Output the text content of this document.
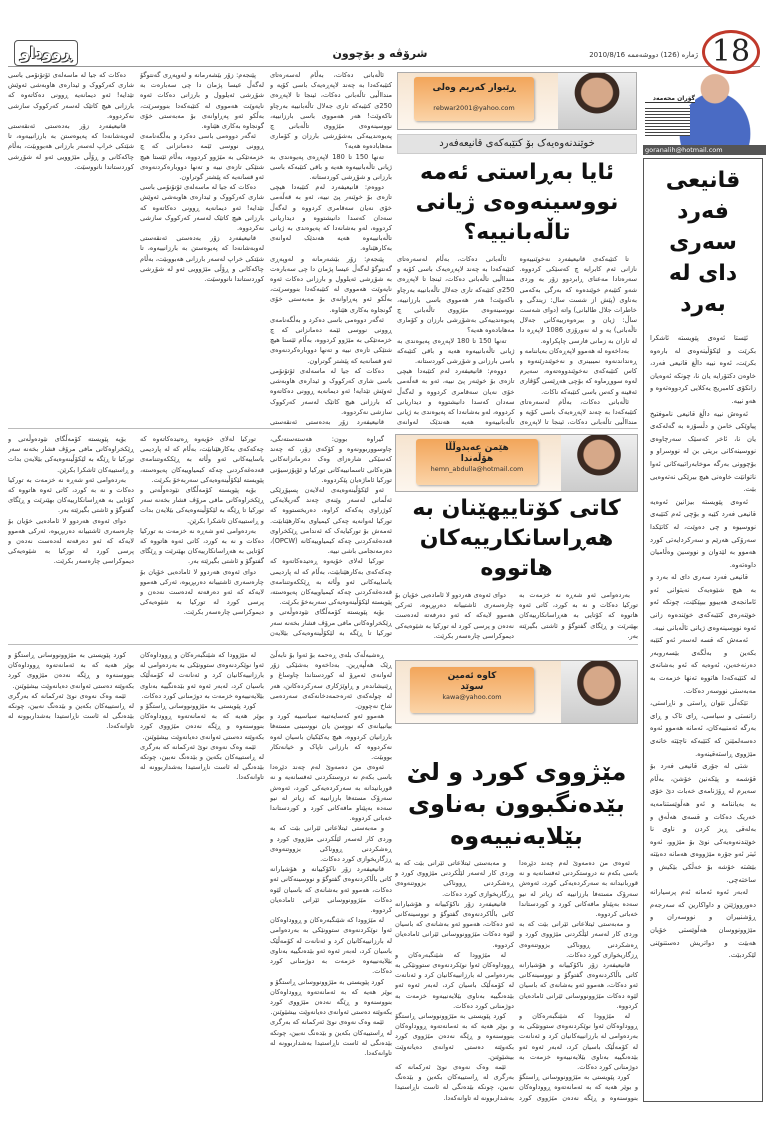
ڕووداو	شرۆڤە و بۆچوون	ژمارە (126) دووشەممە 2010/8/16 18
گۆران محەمەد
goranalih@hotmail.com
قانیعی فەرد سەری دای لە بەرد

ئێستا ئەوەی پێویستە ئاشکرا بکرێت و لێکۆڵینەوەی لە بارەوە بکرێت، ئەوە نییە داڵغ قانیعی فەرد، خاوەن دکتۆرایە یان نا، چونکە ئەوەیان زانکۆی کامبریج یەکلایی کردووەتەوە و هەو نییە.

ئەوەش نییە داڵغ قانیعی ناموفتیخ پیاوێکی خامن و دڵسۆزە بە گەلەکەی یان نا، ئاخر کەسێک سەرچاوەی نووسینەکانی بریتی بن لە نووسراو و بۆچوونی بەرگە موخابەراتییەکانی ئەوا ناتوانێت خاوەنی هیچ بیرێکی نەتەوەیی بێت.

ئەوەی پێویستە بیزانین ئەوەیە قانیعی فەرد کێیە و بۆچی ئەم کتێبەی نووسیوە و چی دەوێت، لە کاتێکدا سەرۆکی هەرێم و سەرکردایەتی کورد هەموو بە لێدوان و نووسین وەڵامیان داوەتەوە.

قانیعی فەرد سەری دای لە بەرد و بە هیچ شێوەیەک نەیتوانی ئەو ئامانجەی هەیبوو بیپێکێت، چونکە ئەو خوێنەرەی کتێبەکەی خوێندەوە زانی ئەوە نووسینەوەی ژیانی تاڵەبانی نییە.

ئەمەش کە قسە لەسەر ئەو کتێبە بکەین و بەڵگەی بێسەروبەر دەرنەخەین، ئەوەیە کە ئەو بەشانەی لە کتێبەکەدا هاتووە تەنها خزمەت بە مەبەستی نووسەر دەکات.

تێکەڵی نێوان ڕاستی و ناڕاستی، زانستی و سیاسی، ڕای تاک و ڕای بەرگە ئەمنییەکان، ئەمانە هەموو ئەوە دەسەلمێنن کە کتێبەکە ناچێتە خانەی مێژووی ڕاستەقینەوە.

شتی لە جۆری قانیعی فەرد بۆ قۆشمە و پێکەنین خۆشن، بەڵام سەیرم لە ڕۆژنامەی خەبات دێ خۆی بە بەیاننامە و ئەو هەڵوێستنامەیە خەریک دەکات و قسەی هەڵەق و بەلەقی ڕیز کردن و ناوی نا خوێندنەوەیەکی نوێ بۆ مێژوو، ئەوە ئیتر ئەو جۆرە مێژووەی هەمانە دەبێتە بێشتە خۆشە بۆ خەڵکی بێکیش و ساختەچی.

لەبەر ئەوە ئەمانە ئەم پرسیارانە دەورووژێنن و داواکارین کە سەرجەم ڕۆشنبیران و نووسەران و مێژوونووسان هەڵوێستی خۆیان هەبێت و دواتریش دەستنوێنی لێکردبێت.

ڕێبوار کەریم وەلی
rebwar2001@yahoo.com
خوێندنەوەیەک بۆ کتێبەکەی قانیعەفەرد
ئایا بەڕاستی ئەمە نووسینەوەی ژیانی تاڵەبانییە؟

تا کتێبەکەی قانیعیفەرد نەخوێنییەوە نازانی ئەم کابرایە چ کەسێکی کردووە. سەرەتادا مەعنای ڕابردوو زۆر بە وردی شەو کتێبەم خوێندەوە کە بەرگی بەکەمی بەناوی (پێش از شست سال: زیندگی و خاطرات جلال طالبانی) واتە (دوای شەست ساڵ: ژیان و بیرەوەرییەکانی جەلال تاڵەبانی) یە و لە نەورۆزی 1086 لاپەڕە دا لە تاران بە زمانی فارسی چاپکراوە.

بەداخەوە لە هەموو لاپەڕەکان بەیاننامە و ڕەنداندنەوە نمیبینری و نەخوێندرێنەوە و کاس کتێبەکەی نەخوێندووەتەوە، سەیرم لەوە سووڕماوە کە بۆچی هەڕێسی گۆڤاری ئەقینە و کەس باسی کتێبەکە ناکات.

ئاڵەبانی دەکات، بەڵام لەسەرەتای کتێبەکەدا بە چەند لاپەڕەیەک باسی کۆیە و مندااڵیی تاڵەبانی دەکات، ئینجا تا لاپەڕەی

ئاڵەبانی دەکات، بەڵام لەسەرەتای کتێبەکەدا بە چەند لاپەڕەیەک باسی کۆیە و مندااڵیی تاڵەبانی دەکات، ئینجا تا لاپەڕەی 250ی کتێبەکە تاری جەلال تاڵەبانییە بەرچاو ناکەوێت! هەر هەمووی باسی بارزانییە، نووسینەوەی مێژووی تاڵەبانی چ پەیوەندییەکی بەشۆڕشی بارزان و کۆماری مەهابادەوە هەیە؟

تەنها 150 تا 180 لاپەڕەی پەیوەندی بە ژیانی تاڵەبانییەوە هەیە و باقی کتێبەکە باسی بارزانی و شۆڕشی کوردستانە.

دووەم: قانیعیفەرد لەم کتێبەدا هیچی تازەی بۆ خوێنەر پێ نییە، ئەو بە قەڵەمی خۆی نەیان سەقامری کردووە و لەگەڵ سەدان کەسدا دانیشتووە و دیداریانی کردووە، لەو بەشانەدا کە پەیوەندی بە ژیانی تاڵەبانییەوە هەیە هەندێک لەوانەی

ئاڵەبانی دەکات، بەڵام لەسەرەتای کتێبەکەدا بە چەند لاپەڕەیەک باسی کۆیە و مندااڵیی تاڵەبانی دەکات، ئینجا تا لاپەڕەی 250ی کتێبەکە تاری جەلال تاڵەبانییە بەرچاو ناکەوێت! هەر هەمووی باسی بارزانییە، نووسینەوەی مێژووی تاڵەبانی چ پەیوەندییەکی بەشۆڕشی بارزان و کۆماری مەهابادەوە هەیە؟

تەنها 150 تا 180 لاپەڕەی پەیوەندی بە ژیانی تاڵەبانییەوە هەیە و باقی کتێبەکە باسی بارزانی و شۆڕشی کوردستانە.

دووەم: قانیعیفەرد لەم کتێبەدا هیچی تازەی بۆ خوێنەر پێ نییە، ئەو بە قەڵەمی خۆی نەیان سەقامری کردووە و لەگەڵ سەدان کەسدا دانیشتووە و دیداریانی کردووە، لەو بەشانەدا کە پەیوەندی بە ژیانی تاڵەبانییەوە هەیە هەندێک لەوانەی بەکارهێناوە.

پێنجەم: زۆر بێشەرمانە و لەوپەڕی گەنتوگۆ لەگەڵ عیسا پژمان دا چی سەبارەت بە شۆڕشی ئەیلوول و بارزانی دەکات ئەوە نایەوێت هەمووی لە کتێبەکەدا بنووسرێت، بەڵکو ئەو پەڕاوانەی بۆ مەبەستی خۆی گونجاوە بەکاری هێناوە.

ئەگەر دووەمی باسی دەکرد و بەڵگەنامەی ڕوونی نووسی ئێمە دەمانزانی کە چ خزمەتێکی بە مێژوو کردووە، بەڵام ئێستا هیچ شتێکی تازەی نییە و تەنها دووبارەکردنەوەی ئەو قسانەیە کە پێشتر گوتراون.

دەکات کە جیا لە ماسەلەی ئۆتۆنۆمی باسی شاری کەرکووک و ئیدارەی هاوبەشی ئەوێش تێدایە! ئەو دیمانەیە ڕوونی دەکاتەوە کە بارزانی هیچ کاتێک لەسەر کەرکووک سازشی نەکردووە.

قانیعیفەرد زۆر بەدەستی ئەنقەستی

پێنجەم: زۆر بێشەرمانە و لەوپەڕی گەنتوگۆ لەگەڵ عیسا پژمان دا چی سەبارەت بە شۆڕشی ئەیلوول و بارزانی دەکات ئەوە نایەوێت هەمووی لە کتێبەکەدا بنووسرێت، بەڵکو ئەو پەڕاوانەی بۆ مەبەستی خۆی گونجاوە بەکاری هێناوە.

ئەگەر دووەمی باسی دەکرد و بەڵگەنامەی ڕوونی نووسی ئێمە دەمانزانی کە چ خزمەتێکی بە مێژوو کردووە، بەڵام ئێستا هیچ شتێکی تازەی نییە و تەنها دووبارەکردنەوەی ئەو قسانەیە کە پێشتر گوتراون.

دەکات کە جیا لە ماسەلەی ئۆتۆنۆمی باسی شاری کەرکووک و ئیدارەی هاوبەشی ئەوێش تێدایە! ئەو دیمانەیە ڕوونی دەکاتەوە کە بارزانی هیچ کاتێک لەسەر کەرکووک سازشی نەکردووە.

قانیعیفەرد زۆر بەدەستی ئەنقەستی لەوبەشانەدا کە پەیوەستن بە بارزانییەوە، تا شێتکی خراپ لەسەر بارزانی هەبووبێت، بەڵام چاکەکانی و ڕۆڵی مێژوویی ئەو لە شۆڕشی کوردستاندا نانووسێت.

دەکات کە جیا لە ماسەلەی ئۆتۆنۆمی باسی شاری کەرکووک و ئیدارەی هاوبەشی ئەوێش تێدایە! ئەو دیمانەیە ڕوونی دەکاتەوە کە بارزانی هیچ کاتێک لەسەر کەرکووک سازشی نەکردووە.

قانیعیفەرد زۆر بەدەستی ئەنقەستی لەوبەشانەدا کە پەیوەستن بە بارزانییەوە، تا شێتکی خراپ لەسەر بارزانی هەبووبێت، بەڵام چاکەکانی و ڕۆڵی مێژوویی ئەو لە شۆڕشی کوردستاندا نانووسێت.

هێمن عەبدوڵڵا
هۆڵەندا
hemn_abdulla@hotmail.com
کاتی کۆتاییهێنان بە هەڕاسانکارییەکان هاتووە

بەردەوامی ئەو شەڕە نە خزمەت بە تورکیا دەکات و نە بە کورد، کاتی ئەوە هاتووە کە کۆتایی بە هەڕاسانکارییەکان بهێنرێت و ڕێگای گفتوگۆ و ئاشتی بگیرێتە بەر.

دوای ئەوەی هەردوو لا ئامادەیی خۆیان بۆ چارەسەری ئاشتییانە دەربڕیوە، ئەرکی هەموو لایەکە کە ئەو دەرفەتە لەدەست نەدەن و پرسی کورد لە تورکیا بە شێوەیەکی دیموکراسی چارەسەر بکرێت.

گیراوە بوون: ھەستەستەنگی، چاوسووربوونەوە و کۆکەی زۆر، کە چەند کەسێکی شارەزای وەک دەرمانزانەکانی هێزەکانی ئاسمانییەکانی تورکیا و ئۆپۆزسیۆنی تورکیا ئاماژەیان پێکردووە.

ئەو لێکۆڵینەوەیەی لەلایەن پسپۆڕێکی ئەڵمانی لەسەر وێنەی چەند گەریلایەکی کوژراوی پەکەکە کراوە، دەریخستووە کە تورکیا لەوانەیە چەکی کیمیاوی بەکارهێنابێت. ئەمەش بۆ تورکیایەک کە ئەندامی ڕێکخراوی قەدەغەکردنی چەکە کیمیاوییەکانە (OPCW)، دەرمەنجامی باشی نییە.

تورکیا لەلای خۆیەوە ڕەتیدەکاتەوە کە چەکەکەی بەکارهێنابێت، بەڵام کە لە پاردیمی یاساییەکانی ئەو وڵاتە بە ڕێککەوتننامەی قەدەغەکردنی چەکە کیمیاوییەکان پەیوەستە، پێویستە لێکۆڵینەوەیەکی سەربەخۆ بکرێت.

بۆیە پێویستە کۆمەڵگای نێودەوڵەتی و ڕێکخراوەکانی مافی مرۆڤ فشار بخەنە سەر تورکیا تا ڕێگە بە لێکۆڵینەوەیەکی بێلایەن

تورکیا لەلای خۆیەوە ڕەتیدەکاتەوە کە چەکەکەی بەکارهێنابێت، بەڵام کە لە پاردیمی یاساییەکانی ئەو وڵاتە بە ڕێککەوتننامەی قەدەغەکردنی چەکە کیمیاوییەکان پەیوەستە، پێویستە لێکۆڵینەوەیەکی سەربەخۆ بکرێت.

بۆیە پێویستە کۆمەڵگای نێودەوڵەتی و ڕێکخراوەکانی مافی مرۆڤ فشار بخەنە سەر تورکیا تا ڕێگە بە لێکۆڵینەوەیەکی بێلایەن بدات و ڕاستییەکان ئاشکرا بکرێن.

بەردەوامی ئەو شەڕە نە خزمەت بە تورکیا دەکات و نە بە کورد، کاتی ئەوە هاتووە کە کۆتایی بە هەڕاسانکارییەکان بهێنرێت و ڕێگای گفتوگۆ و ئاشتی بگیرێتە بەر.

دوای ئەوەی هەردوو لا ئامادەیی خۆیان بۆ چارەسەری ئاشتییانە دەربڕیوە، ئەرکی هەموو لایەکە کە ئەو دەرفەتە لەدەست نەدەن و پرسی کورد لە تورکیا بە شێوەیەکی دیموکراسی چارەسەر بکرێت.

بۆیە پێویستە کۆمەڵگای نێودەوڵەتی و ڕێکخراوەکانی مافی مرۆڤ فشار بخەنە سەر تورکیا تا ڕێگە بە لێکۆڵینەوەیەکی بێلایەن بدات و ڕاستییەکان ئاشکرا بکرێن.

بەردەوامی ئەو شەڕە نە خزمەت بە تورکیا دەکات و نە بە کورد، کاتی ئەوە هاتووە کە کۆتایی بە هەڕاسانکارییەکان بهێنرێت و ڕێگای گفتوگۆ و ئاشتی بگیرێتە بەر.

دوای ئەوەی هەردوو لا ئامادەیی خۆیان بۆ چارەسەری ئاشتییانە دەربڕیوە، ئەرکی هەموو لایەکە کە ئەو دەرفەتە لەدەست نەدەن و پرسی کورد لە تورکیا بە شێوەیەکی دیموکراسی چارەسەر بکرێت.

کاوە ئەمین
سوێد
kawa@yahoo.com
مێژووی کورد و لێ بێدەنگبوون بەناوی بێلایەنییەوە

ئەوەی من دەمەوێ لەم چەند دێڕەدا باسی بکەم نە دروستکردنی ئەفسانەیە و نە قوربانیدانە بە سەرکردەیەکی کورد، ئەوەش سەرۆک مستەفا بارزانییە کە زیاتر لە نیو سەدە بەپێناو مافەکانی کورد و کوردستاندا خەباتی کردووە.

و مەبەستی ئیتلاعاتی ئێرانی بێت کە بە وردی کار لەسەر لێڵکردنی مێژووی کورد و ڕەشکردنی ڕووناکی بزووتنەوەی ڕزگاریخوازی کورد دەکات.

قانیعیفەرد زۆر ناکۆکییانە و هۆشیارانە کاتی باڵاکردنەوەی گفتوگۆ و نووسینەکانی ئەو دەکات، هەموو ئەو بەشانەی کە باسیان لێوە دەکات مێژوونووسانی ئێرانی ئامادەیان کردووە.

لە مێژوودا کە شێنگبەرەکان و ڕووداوەکان ئەوا نوێکردنەوەی ستوونێکی بە بەردەوامی لە بارزانییەکانیان کرد و ئەنانەت لە کۆمەڵێک باسیان کرد، لەبەر ئەوە ئەو بێدەنگییە بەناوی بێلایەنییەوە خزمەت بە دوژمنانی کورد دەکات.

کورد پێویستی بە مێژوونووسانی ڕاستگۆ و بوێر هەیە کە بە ئەمانەتەوە ڕووداوەکان بنووسنەوە و ڕێگە نەدەن مێژووی کورد

و مەبەستی ئیتلاعاتی ئێرانی بێت کە بە وردی کار لەسەر لێڵکردنی مێژووی کورد و ڕەشکردنی ڕووناکی بزووتنەوەی ڕزگاریخوازی کورد دەکات.

قانیعیفەرد زۆر ناکۆکییانە و هۆشیارانە کاتی باڵاکردنەوەی گفتوگۆ و نووسینەکانی ئەو دەکات، هەموو ئەو بەشانەی کە باسیان لێوە دەکات مێژوونووسانی ئێرانی ئامادەیان کردووە.

لە مێژوودا کە شێنگبەرەکان و ڕووداوەکان ئەوا نوێکردنەوەی ستوونێکی بە بەردەوامی لە بارزانییەکانیان کرد و ئەنانەت لە کۆمەڵێک باسیان کرد، لەبەر ئەوە ئەو بێدەنگییە بەناوی بێلایەنییەوە خزمەت بە دوژمنانی کورد دەکات.

کورد پێویستی بە مێژوونووسانی ڕاستگۆ و بوێر هەیە کە بە ئەمانەتەوە ڕووداوەکان بنووسنەوە و ڕێگە نەدەن مێژووی کورد بکەوێتە دەستی ئەوانەی دەیانەوێت بیشێوێنن.

ئێمە وەک نەوەی نوێ ئەرکمانە کە بەرگری لە ڕاستییەکان بکەین و بێدەنگ نەبین، چونکە بێدەنگی لە ئاست ناڕاستیدا بەشداربوونە لە تاوانەکەدا.

ڕەشبەڵەک بلەی ڕەحمە بۆ ئەوا بۆ نابەڵێ ڕێک هەڵپەڕین. بەداخەوە بەشێکی زۆر لەوانەی ئەمڕۆ لە کوردستاندا چاوساغ و ڕێنیشاندەر و ڕاوێژکاری سەرکردەکانن، هەر لە چولەکەی ئەرەحمەدخانەکەی سەردەمی شاخ نەچوون.

هەموو ئەو کەسایەتییە سیاسییە کورد و بیانییانەی کە نووسن یان نووسینی مستەفا بارزانیان کردووە، هیچ یەکێکیان باسیان لەوە نەکردووە کە بارزانی ناپاک و خیانەتکار بووبێت.

ئەوەی من دەمەوێ لەم چەند دێڕەدا باسی بکەم نە دروستکردنی ئەفسانەیە و نە قوربانیدانە بە سەرکردەیەکی کورد، ئەوەش سەرۆک مستەفا بارزانییە کە زیاتر لە نیو سەدە بەپێناو مافەکانی کورد و کوردستاندا خەباتی کردووە.

و مەبەستی ئیتلاعاتی ئێرانی بێت کە بە وردی کار لەسەر لێڵکردنی مێژووی کورد و ڕەشکردنی ڕووناکی بزووتنەوەی ڕزگاریخوازی کورد دەکات.

قانیعیفەرد زۆر ناکۆکییانە و هۆشیارانە کاتی باڵاکردنەوەی گفتوگۆ و نووسینەکانی ئەو دەکات، هەموو ئەو بەشانەی کە باسیان لێوە دەکات مێژوونووسانی ئێرانی ئامادەیان کردووە.

لە مێژوودا کە شێنگبەرەکان و ڕووداوەکان ئەوا نوێکردنەوەی ستوونێکی بە بەردەوامی لە بارزانییەکانیان کرد و ئەنانەت لە کۆمەڵێک باسیان کرد، لەبەر ئەوە ئەو بێدەنگییە بەناوی بێلایەنییەوە خزمەت بە دوژمنانی کورد دەکات.

کورد پێویستی بە مێژوونووسانی ڕاستگۆ و بوێر هەیە کە بە ئەمانەتەوە ڕووداوەکان بنووسنەوە و ڕێگە نەدەن مێژووی کورد بکەوێتە دەستی ئەوانەی دەیانەوێت بیشێوێنن.

ئێمە وەک نەوەی نوێ ئەرکمانە کە بەرگری لە ڕاستییەکان بکەین و بێدەنگ نەبین، چونکە بێدەنگی لە ئاست ناڕاستیدا بەشداربوونە لە تاوانەکەدا.

لە مێژوودا کە شێنگبەرەکان و ڕووداوەکان ئەوا نوێکردنەوەی ستوونێکی بە بەردەوامی لە بارزانییەکانیان کرد و ئەنانەت لە کۆمەڵێک باسیان کرد، لەبەر ئەوە ئەو بێدەنگییە بەناوی بێلایەنییەوە خزمەت بە دوژمنانی کورد دەکات.

کورد پێویستی بە مێژوونووسانی ڕاستگۆ و بوێر هەیە کە بە ئەمانەتەوە ڕووداوەکان بنووسنەوە و ڕێگە نەدەن مێژووی کورد بکەوێتە دەستی ئەوانەی دەیانەوێت بیشێوێنن.

ئێمە وەک نەوەی نوێ ئەرکمانە کە بەرگری لە ڕاستییەکان بکەین و بێدەنگ نەبین، چونکە بێدەنگی لە ئاست ناڕاستیدا بەشداربوونە لە تاوانەکەدا.

کورد پێویستی بە مێژوونووسانی ڕاستگۆ و بوێر هەیە کە بە ئەمانەتەوە ڕووداوەکان بنووسنەوە و ڕێگە نەدەن مێژووی کورد بکەوێتە دەستی ئەوانەی دەیانەوێت بیشێوێنن.

ئێمە وەک نەوەی نوێ ئەرکمانە کە بەرگری لە ڕاستییەکان بکەین و بێدەنگ نەبین، چونکە بێدەنگی لە ئاست ناڕاستیدا بەشداربوونە لە تاوانەکەدا.
